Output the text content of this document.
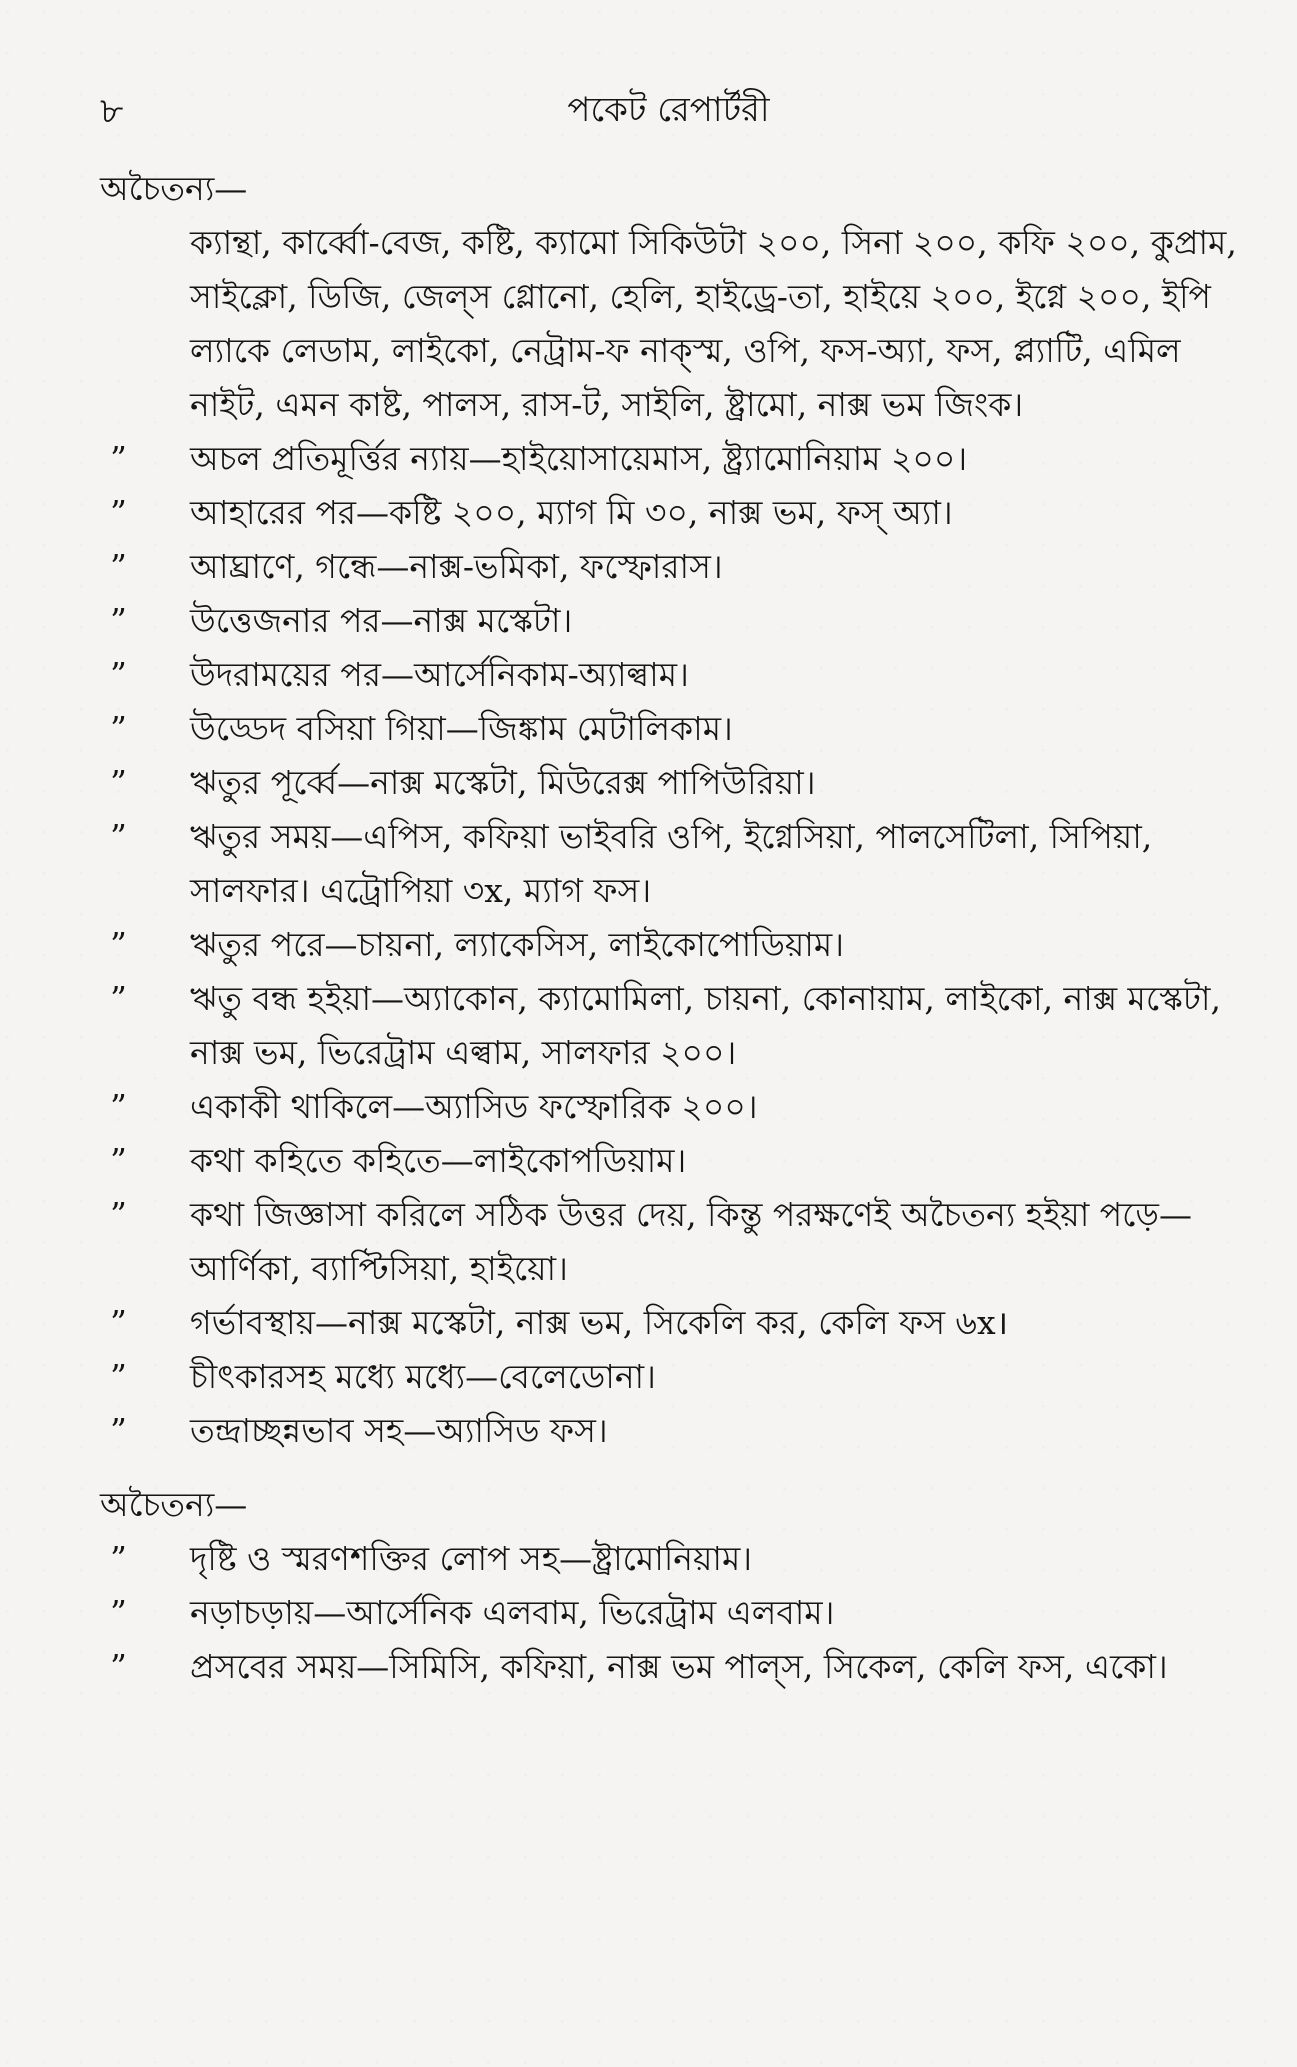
৮	পকেট রেপার্টরী
অচৈতন্য—
ক্যান্থা, কার্ব্বো-বেজ, কষ্টি, ক্যামো সিকিউটা ২০০, সিনা ২০০, কফি ২০০, কুপ্রাম, সাইক্লো, ডিজি, জেল্‌স গ্লোনো, হেলি, হাইড্রে-তা, হাইয়ে ২০০, ইগ্নে ২০০, ইপি ল্যাকে লেডাম, লাইকো, নেট্রাম-ফ নাক্স্ম, ওপি, ফস-অ্যা, ফস, প্ল্যাটি, এমিল নাইট, এমন কাষ্ট, পালস, রাস-ট, সাইলি, ষ্ট্রামো, নাক্স ভম জিংক।
”	অচল প্রতিমূর্ত্তির ন্যায়—হাইয়োসায়েমাস, ষ্ট্র্যামোনিয়াম ২০০।
”	আহারের পর—কষ্টি ২০০, ম্যাগ মি ৩০, নাক্স ভম, ফস্ অ্যা।
”	আঘ্রাণে, গন্ধে—নাক্স-ভমিকা, ফস্ফোরাস।
”	উত্তেজনার পর—নাক্স মস্কেটা।
”	উদরাময়ের পর—আর্সেনিকাম-অ্যাল্বাম।
”	উড্ডেদ বসিয়া গিয়া—জিঙ্কাম মেটালিকাম।
”	ঋতুর পূর্ব্বে—নাক্স মস্কেটা, মিউরেক্স পাপিউরিয়া।
”	ঋতুর সময়—এপিস, কফিয়া ভাইবরি ওপি, ইগ্নেসিয়া, পালসেটিলা, সিপিয়া, সালফার। এট্রোপিয়া ৩x, ম্যাগ ফস।
”	ঋতুর পরে—চায়না, ল্যাকেসিস, লাইকোপোডিয়াম।
”	ঋতু বন্ধ হইয়া—অ্যাকোন, ক্যামোমিলা, চায়না, কোনায়াম, লাইকো, নাক্স মস্কেটা, নাক্স ভম, ভিরেট্রাম এল্বাম, সালফার ২০০।
”	একাকী থাকিলে—অ্যাসিড ফস্ফোরিক ২০০।
”	কথা কহিতে কহিতে—লাইকোপডিয়াম।
”	কথা জিজ্ঞাসা করিলে সঠিক উত্তর দেয়, কিন্তু পরক্ষণেই অচৈতন্য হইয়া পড়ে—আর্ণিকা, ব্যাপ্টিসিয়া, হাইয়ো।
”	গর্ভাবস্থায়—নাক্স মস্কেটা, নাক্স ভম, সিকেলি কর, কেলি ফস ৬x।
”	চীৎকারসহ মধ্যে মধ্যে—বেলেডোনা।
”	তন্দ্রাচ্ছন্নভাব সহ—অ্যাসিড ফস।
অচৈতন্য—
”	দৃষ্টি ও স্মরণশক্তির লোপ সহ—ষ্ট্রামোনিয়াম।
”	নড়াচড়ায়—আর্সেনিক এলবাম, ভিরেট্রাম এলবাম।
”	প্রসবের সময়—সিমিসি, কফিয়া, নাক্স ভম পাল্‌স, সিকেল, কেলি ফস, একো।
